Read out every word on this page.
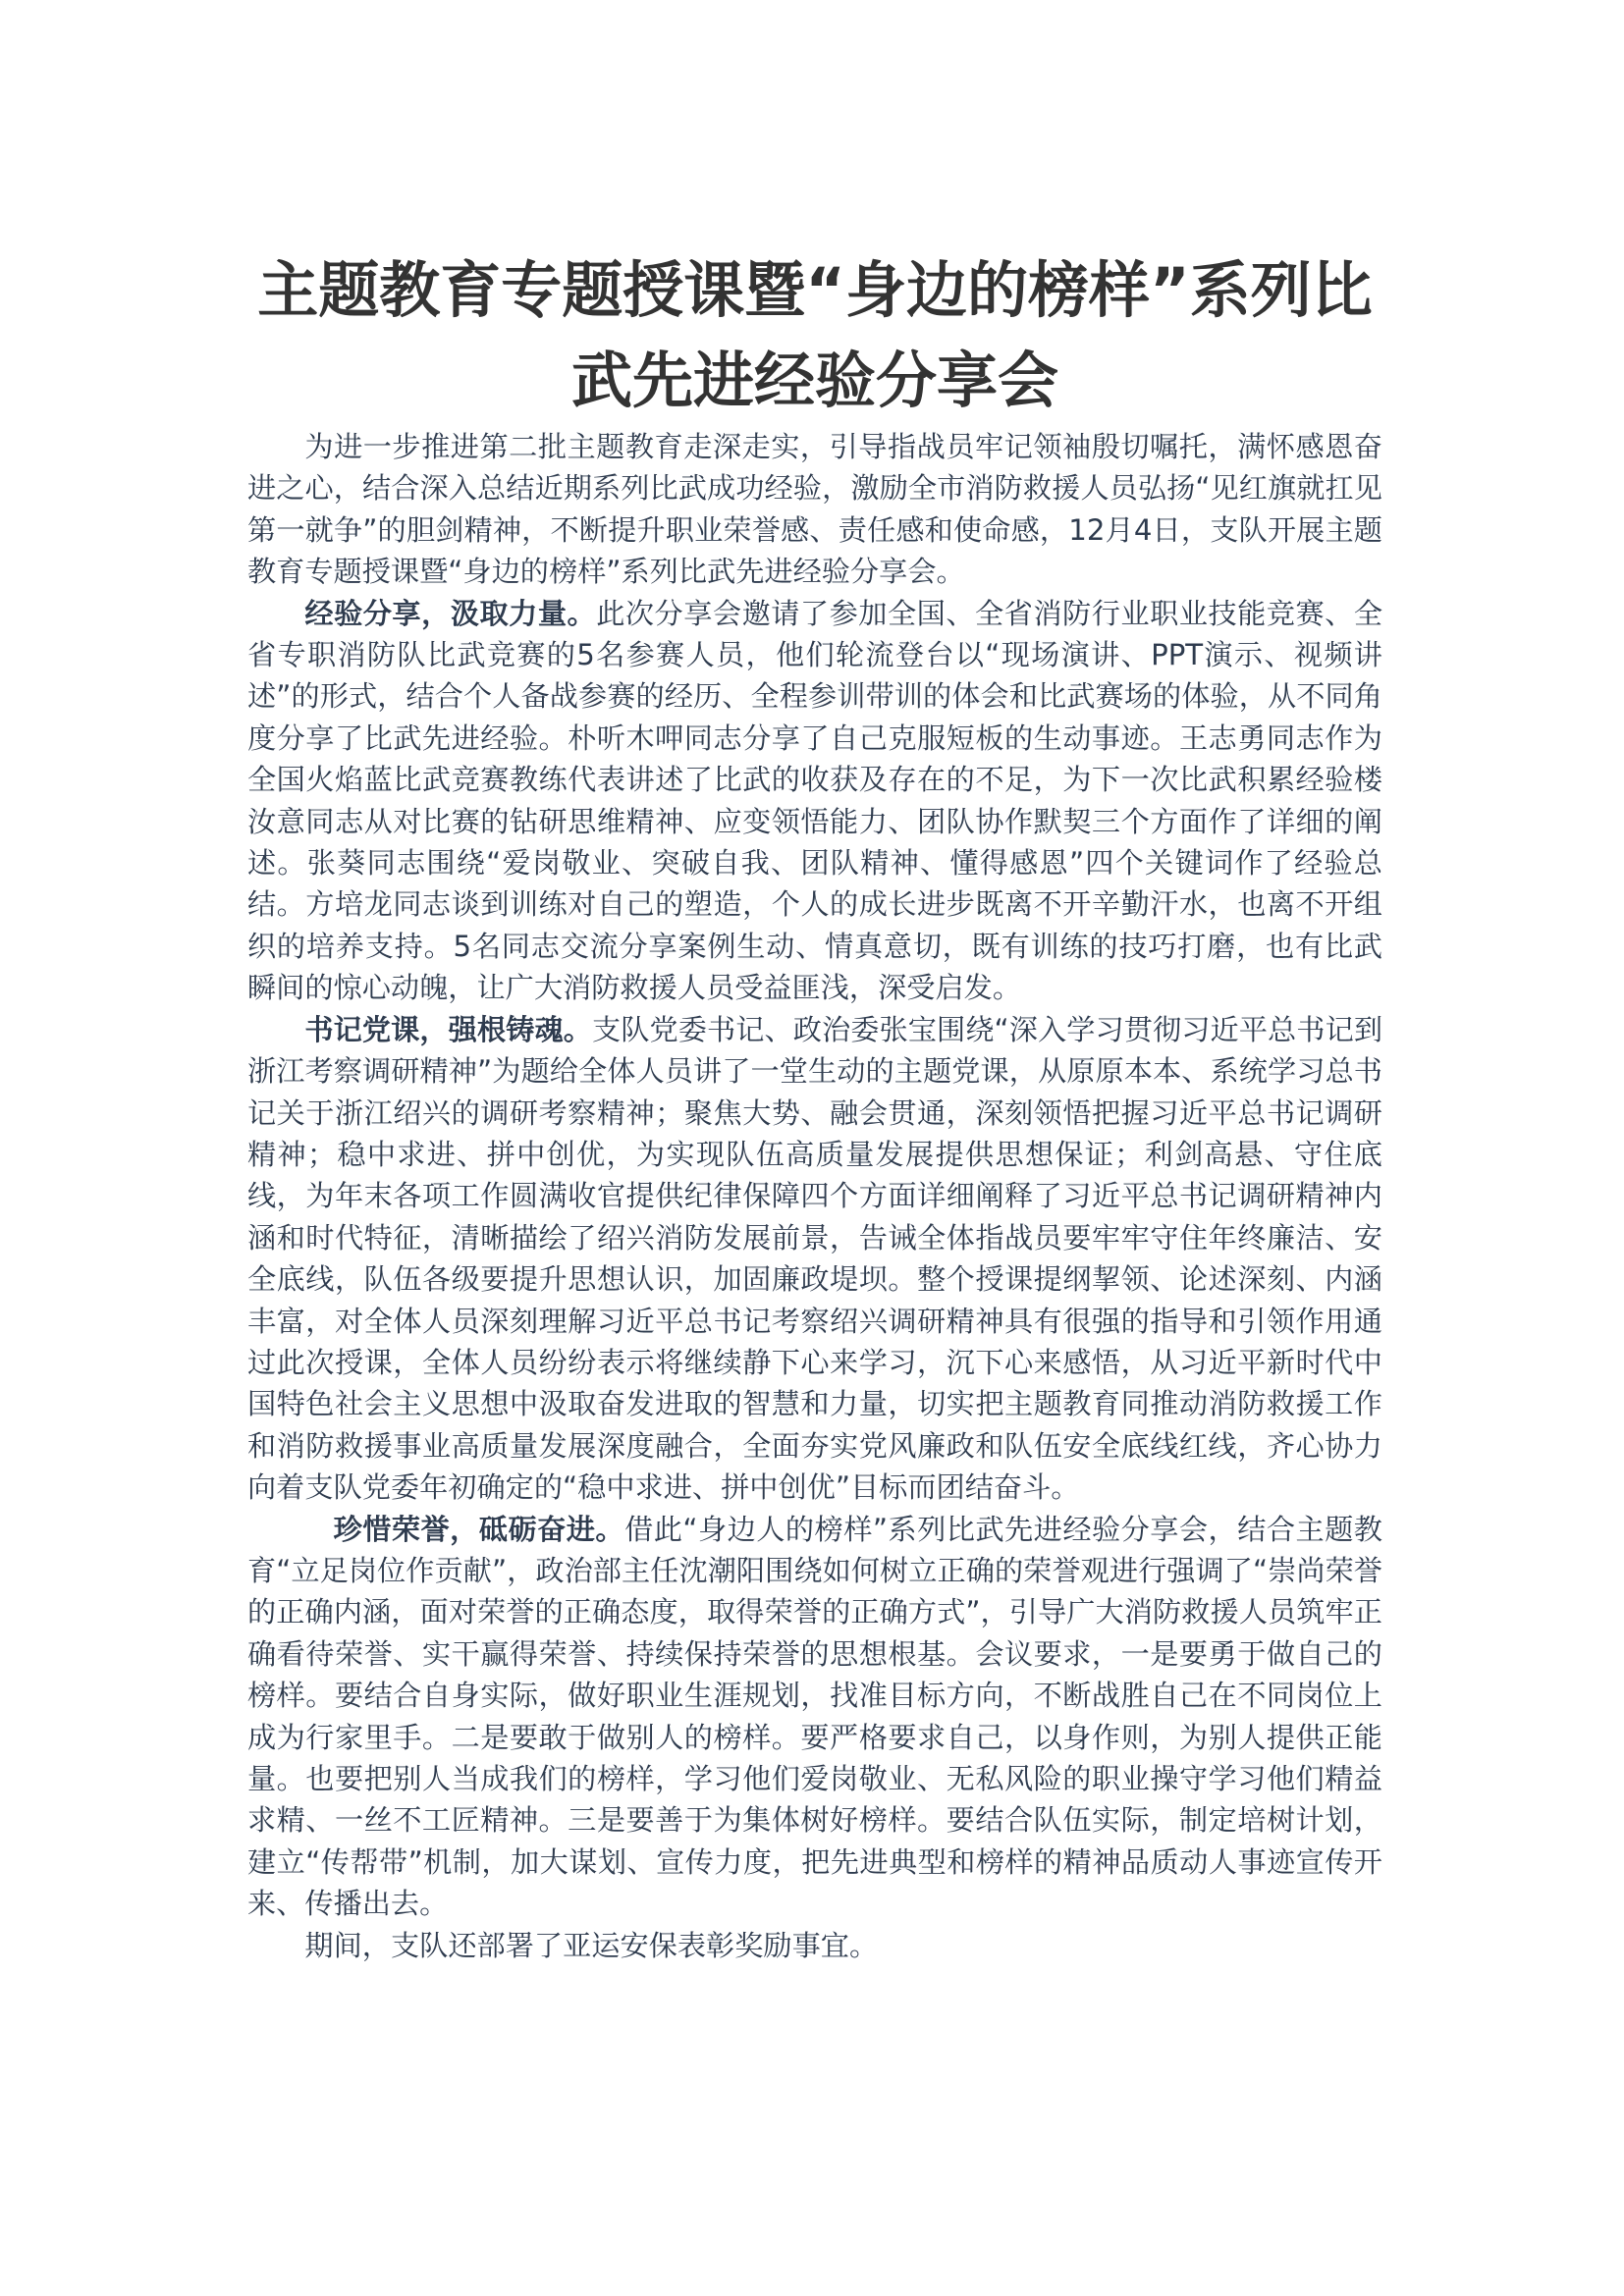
主题教育专题授课暨“身边的榜样”系列比武先进经验分享会

为进一步推进第二批主题教育走深走实，引导指战员牢记领袖殷切嘱托，满怀感恩奋进之心，结合深入总结近期系列比武成功经验，激励全市消防救援人员弘扬“见红旗就扛见第一就争”的胆剑精神，不断提升职业荣誉感、责任感和使命感，12月4日，支队开展主题教育专题授课暨“身边的榜样”系列比武先进经验分享会。

经验分享，汲取力量。此次分享会邀请了参加全国、全省消防行业职业技能竞赛、全省专职消防队比武竞赛的5名参赛人员，他们轮流登台以“现场演讲、PPT演示、视频讲述”的形式，结合个人备战参赛的经历、全程参训带训的体会和比武赛场的体验，从不同角度分享了比武先进经验。朴听木呷同志分享了自己克服短板的生动事迹。王志勇同志作为全国火焰蓝比武竞赛教练代表讲述了比武的收获及存在的不足，为下一次比武积累经验楼汝意同志从对比赛的钻研思维精神、应变领悟能力、团队协作默契三个方面作了详细的阐述。张葵同志围绕“爱岗敬业、突破自我、团队精神、懂得感恩”四个关键词作了经验总结。方培龙同志谈到训练对自己的塑造，个人的成长进步既离不开辛勤汗水，也离不开组织的培养支持。5名同志交流分享案例生动、情真意切，既有训练的技巧打磨，也有比武瞬间的惊心动魄，让广大消防救援人员受益匪浅，深受启发。

书记党课，强根铸魂。支队党委书记、政治委张宝围绕“深入学习贯彻习近平总书记到浙江考察调研精神”为题给全体人员讲了一堂生动的主题党课，从原原本本、系统学习总书记关于浙江绍兴的调研考察精神；聚焦大势、融会贯通，深刻领悟把握习近平总书记调研精神；稳中求进、拼中创优，为实现队伍高质量发展提供思想保证；利剑高悬、守住底线，为年末各项工作圆满收官提供纪律保障四个方面详细阐释了习近平总书记调研精神内涵和时代特征，清晰描绘了绍兴消防发展前景，告诫全体指战员要牢牢守住年终廉洁、安全底线，队伍各级要提升思想认识，加固廉政堤坝。整个授课提纲挈领、论述深刻、内涵丰富，对全体人员深刻理解习近平总书记考察绍兴调研精神具有很强的指导和引领作用通过此次授课，全体人员纷纷表示将继续静下心来学习，沉下心来感悟，从习近平新时代中国特色社会主义思想中汲取奋发进取的智慧和力量，切实把主题教育同推动消防救援工作和消防救援事业高质量发展深度融合，全面夯实党风廉政和队伍安全底线红线，齐心协力向着支队党委年初确定的“稳中求进、拼中创优”目标而团结奋斗。

珍惜荣誉，砥砺奋进。借此“身边人的榜样”系列比武先进经验分享会，结合主题教育“立足岗位作贡献”，政治部主任沈潮阳围绕如何树立正确的荣誉观进行强调了“崇尚荣誉的正确内涵，面对荣誉的正确态度，取得荣誉的正确方式”，引导广大消防救援人员筑牢正确看待荣誉、实干赢得荣誉、持续保持荣誉的思想根基。会议要求，一是要勇于做自己的榜样。要结合自身实际，做好职业生涯规划，找准目标方向，不断战胜自己在不同岗位上成为行家里手。二是要敢于做别人的榜样。要严格要求自己，以身作则，为别人提供正能量。也要把别人当成我们的榜样，学习他们爱岗敬业、无私风险的职业操守学习他们精益求精、一丝不工匠精神。三是要善于为集体树好榜样。要结合队伍实际，制定培树计划，建立“传帮带”机制，加大谋划、宣传力度，把先进典型和榜样的精神品质动人事迹宣传开来、传播出去。

期间，支队还部署了亚运安保表彰奖励事宜。
